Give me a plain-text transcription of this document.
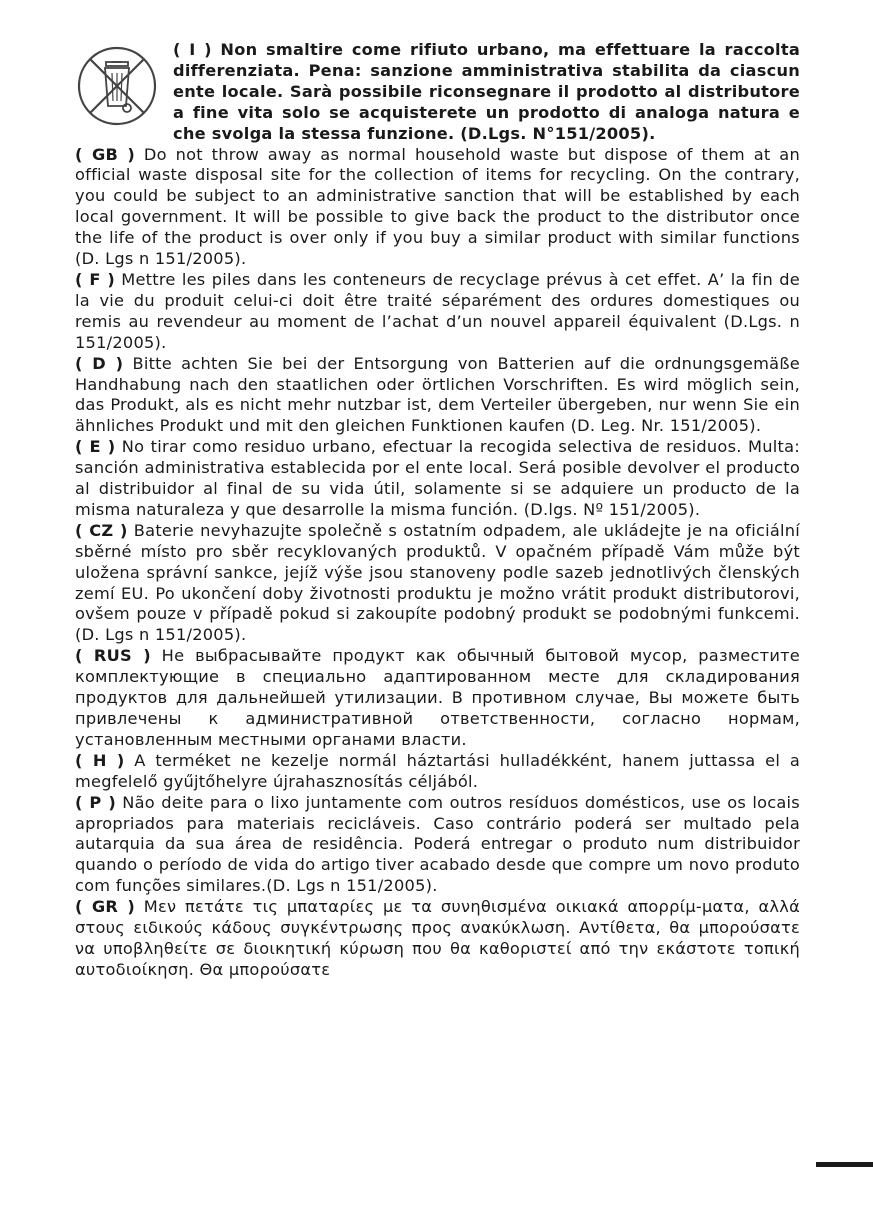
( I ) Non smaltire come rifiuto urbano, ma effettuare la raccolta differenziata. Pena: sanzione amministrativa stabilita da ciascun ente locale. Sarà possibile riconsegnare il prodotto al distributore a fine vita solo se acquisterete un prodotto di analoga natura e che svolga la stessa funzione. (D.Lgs. N°151/2005).

( GB ) Do not throw away as normal household waste but dispose of them at an official waste disposal site for the collection of items for recycling. On the contrary, you could be subject to an administrative sanction that will be established by each local government. It will be possible to give back the product to the distributor once the life of the product is over only if you buy a similar product with similar functions (D. Lgs n 151/2005).

( F ) Mettre les piles dans les conteneurs de recyclage prévus à cet effet. A’ la fin de la vie du produit celui-ci doit être traité séparément des ordures domestiques ou remis au revendeur au moment de l’achat d’un nouvel appareil équivalent (D.Lgs. n 151/2005).

( D ) Bitte achten Sie bei der Entsorgung von Batterien auf die ordnungsgemäße Handhabung nach den staatlichen oder örtlichen Vorschriften. Es wird möglich sein, das Produkt, als es nicht mehr nutzbar ist, dem Verteiler übergeben, nur wenn Sie ein ähnliches Produkt und mit den gleichen Funktionen kaufen (D. Leg. Nr. 151/2005).

( E ) No tirar como residuo urbano, efectuar la recogida selectiva de residuos. Multa: sanción administrativa establecida por el ente local. Será posible devolver el producto al distribuidor al final de su vida útil, solamente si se adquiere un producto de la misma naturaleza y que desarrolle la misma función. (D.lgs. Nº 151/2005).

( CZ ) Baterie nevyhazujte společně s ostatním odpadem, ale ukládejte je na oficiální sběrné místo pro sběr recyklovaných produktů. V opačném případě Vám může být uložena správní sankce, jejíž výše jsou stanoveny podle sazeb jednotlivých členských zemí EU. Po ukončení doby životnosti produktu je možno vrátit produkt distributorovi, ovšem pouze v případě pokud si zakoupíte podobný produkt se podobnými funkcemi. (D. Lgs n 151/2005).

( RUS ) Не выбрасывайте продукт как обычный бытовой мусор, разместите комплектующие в специально адаптированном месте для складирования продуктов для дальнейшей утилизации. В противном случае, Вы можете быть привлечены к административной ответственности, согласно нормам, установленным местными органами власти.

( H ) A terméket ne kezelje normál háztartási hulladékként, hanem juttassa el a megfelelő gyűjtőhelyre újrahasznosítás céljából.

( P ) Não deite para o lixo juntamente com outros resíduos domésticos, use os locais apropriados para materiais recicláveis. Caso contrário poderá ser multado pela autarquia da sua área de residência. Poderá entregar o produto num distribuidor quando o período de vida do artigo tiver acabado desde que compre um novo produto com funções similares.(D. Lgs n 151/2005).

( GR ) Μεν πετάτε τις μπαταρίες με τα συνηθισμένα οικιακά απορρίμ-ματα, αλλά στους ειδικούς κάδους συγκέντρωσης προς ανακύκλωση. Αντίθετα, θα μπορούσατε να υποβληθείτε σε διοικητική κύρωση που θα καθοριστεί από την εκάστοτε τοπική αυτοδιοίκηση. Θα μπορούσατε
